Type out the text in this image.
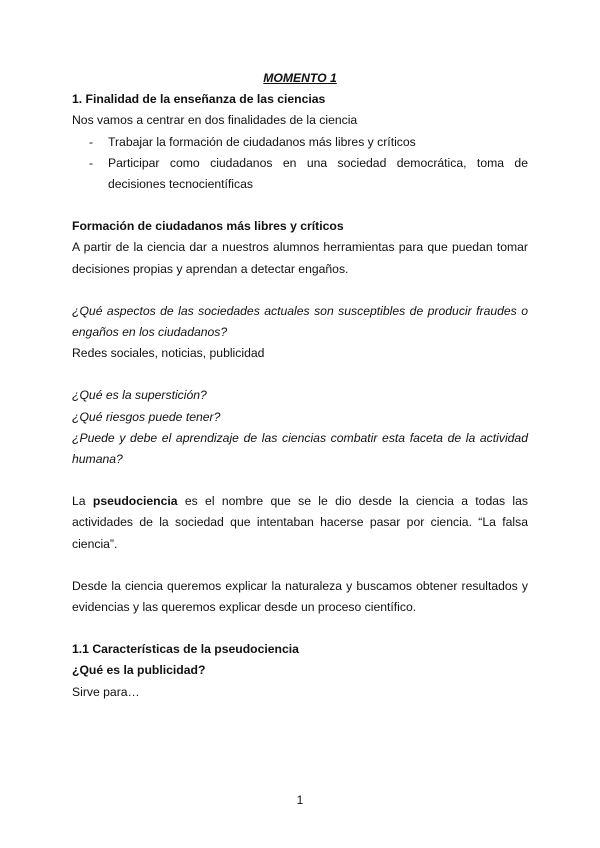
MOMENTO 1

1. Finalidad de la enseñanza de las ciencias

Nos vamos a centrar en dos finalidades de la ciencia

- Trabajar la formación de ciudadanos más libres y críticos
- Participar como ciudadanos en una sociedad democrática, toma de decisiones tecnocientíficas

Formación de ciudadanos más libres y críticos

A partir de la ciencia dar a nuestros alumnos herramientas para que puedan tomar decisiones propias y aprendan a detectar engaños.

¿Qué aspectos de las sociedades actuales son susceptibles de producir fraudes o engaños en los ciudadanos?

Redes sociales, noticias, publicidad

¿Qué es la superstición?

¿Qué riesgos puede tener?

¿Puede y debe el aprendizaje de las ciencias combatir esta faceta de la actividad humana?

La pseudociencia es el nombre que se le dio desde la ciencia a todas las actividades de la sociedad que intentaban hacerse pasar por ciencia. “La falsa ciencia”.

Desde la ciencia queremos explicar la naturaleza y buscamos obtener resultados y evidencias y las queremos explicar desde un proceso científico.

1.1 Características de la pseudociencia

¿Qué es la publicidad?

Sirve para…

1
